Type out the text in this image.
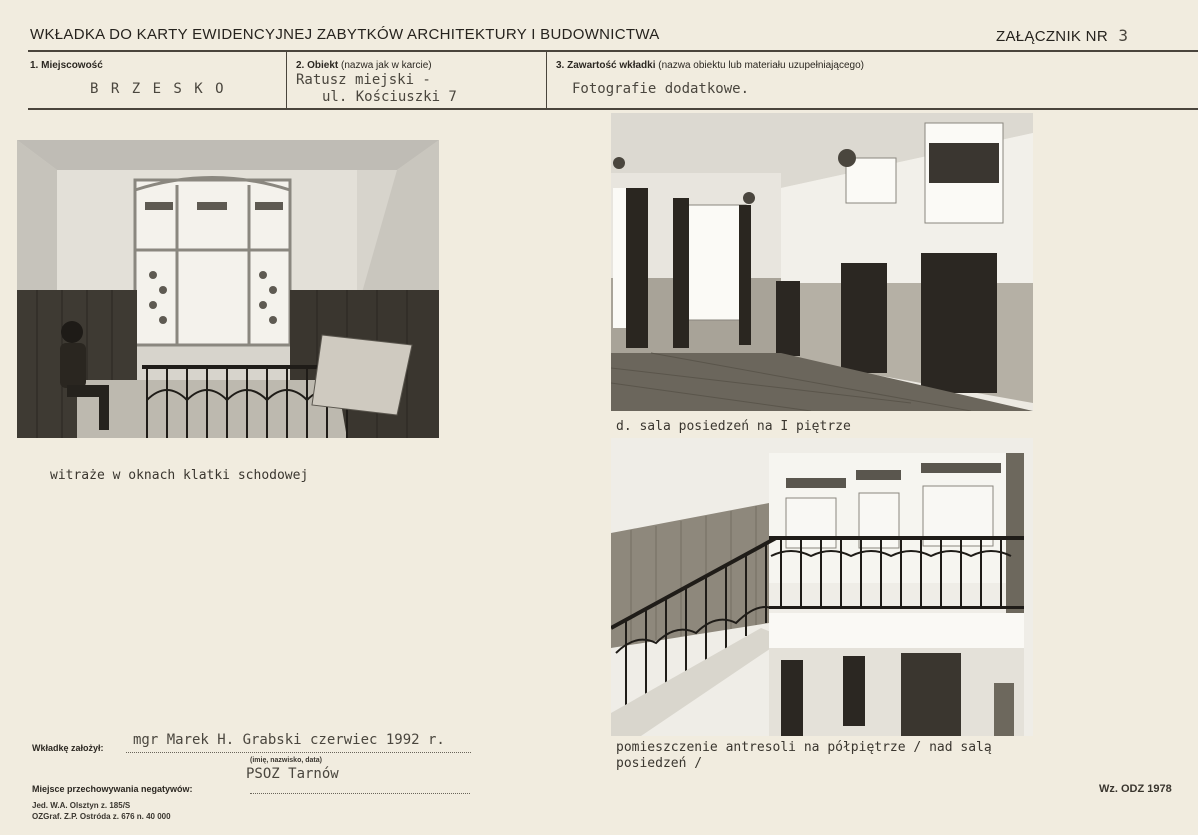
WKŁADKA DO KARTY EWIDENCYJNEJ ZABYTKÓW ARCHITEKTURY I BUDOWNICTWA	ZAŁĄCZNIK NR 3
1. Miejscowość
B R Z E S K O
2. Obiekt (nazwa jak w karcie)
Ratusz miejski -
ul. Kościuszki 7
3. Zawartość wkładki (nazwa obiektu lub materiału uzupełniającego)
Fotografie dodatkowe.
witraże w oknach klatki schodowej
d. sala posiedzeń na I piętrze
pomieszczenie antresoli na półpiętrze / nad salą
posiedzeń /
Wkładkę założył: mgr Marek H. Grabski czerwiec 1992 r.
(imię, nazwisko, data)
PSOZ Tarnów
Miejsce przechowywania negatywów:
Jed. W.A. Olsztyn z. 185/S
OZGraf. Z.P. Ostróda z. 676 n. 40 000
Wz. ODZ 1978
